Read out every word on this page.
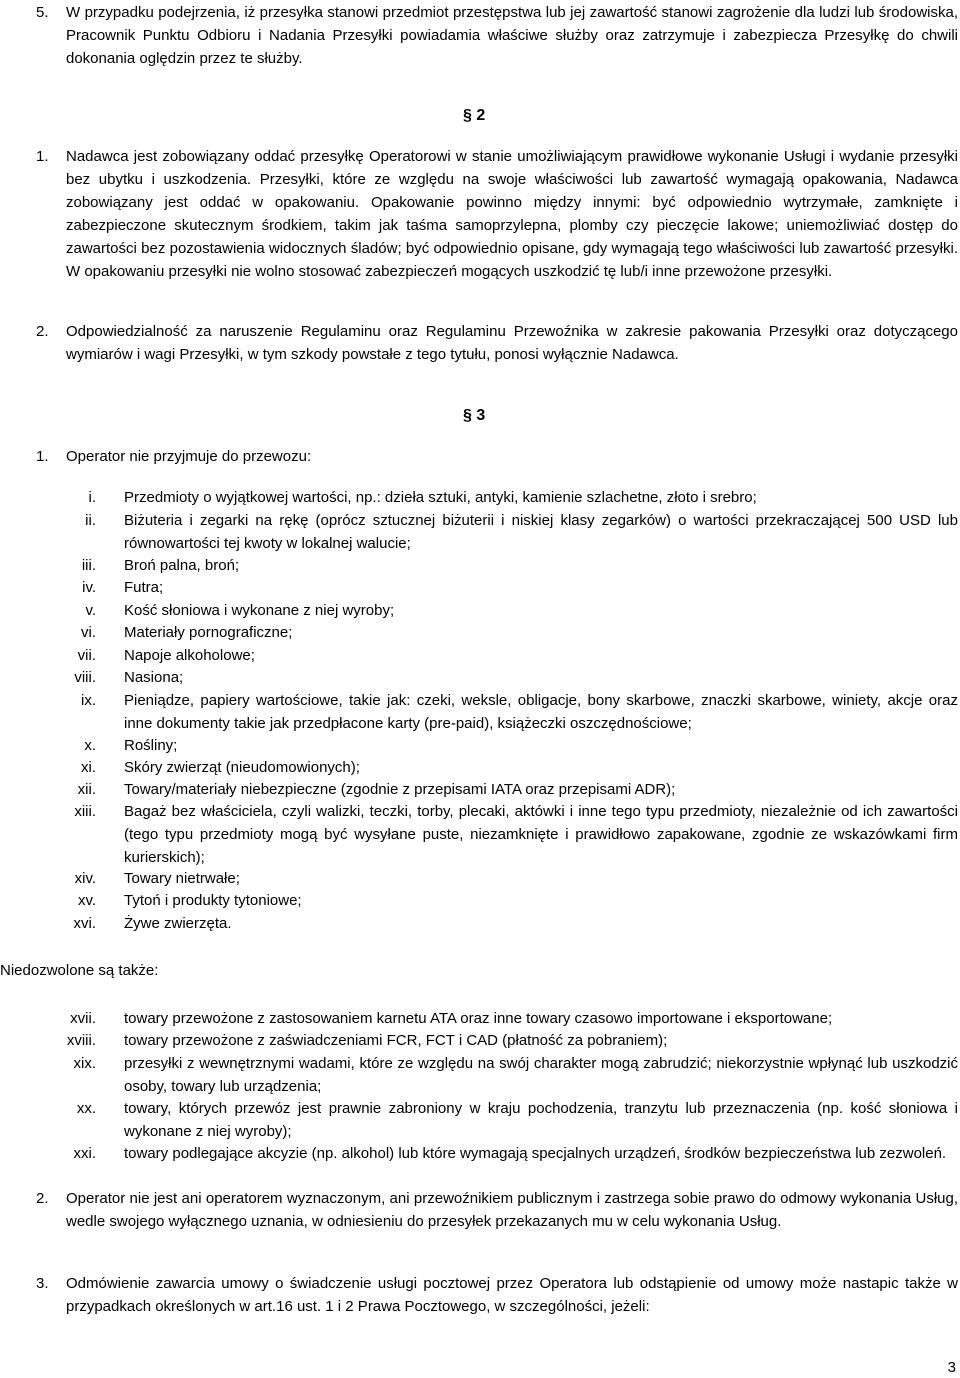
5.	W przypadku podejrzenia, iż przesyłka stanowi przedmiot przestępstwa lub jej zawartość stanowi zagrożenie dla ludzi lub środowiska, Pracownik Punktu Odbioru i Nadania Przesyłki powiadamia właściwe służby oraz zatrzymuje i zabezpiecza Przesyłkę do chwili dokonania oględzin przez te służby.
§ 2
1.	Nadawca jest zobowiązany oddać przesyłkę Operatorowi w stanie umożliwiającym prawidłowe wykonanie Usługi i wydanie przesyłki bez ubytku i uszkodzenia. Przesyłki, które ze względu na swoje właściwości lub zawartość wymagają opakowania, Nadawca zobowiązany jest oddać w opakowaniu. Opakowanie powinno między innymi: być odpowiednio wytrzymałe, zamknięte i zabezpieczone skutecznym środkiem, takim jak taśma samoprzylepna, plomby czy pieczęcie lakowe; uniemożliwiać dostęp do zawartości bez pozostawienia widocznych śladów; być odpowiednio opisane, gdy wymagają tego właściwości lub zawartość przesyłki. W opakowaniu przesyłki nie wolno stosować zabezpieczeń mogących uszkodzić tę lub/i inne przewożone przesyłki.
2.	Odpowiedzialność za naruszenie Regulaminu oraz Regulaminu Przewoźnika w zakresie pakowania Przesyłki oraz dotyczącego wymiarów i wagi Przesyłki, w tym szkody powstałe z tego tytułu, ponosi wyłącznie Nadawca.
§ 3
1.	Operator nie przyjmuje do przewozu:
i. Przedmioty o wyjątkowej wartości, np.: dzieła sztuki, antyki, kamienie szlachetne, złoto i srebro;
ii. Biżuteria i zegarki na rękę (oprócz sztucznej biżuterii i niskiej klasy zegarków) o wartości przekraczającej 500 USD lub równowartości tej kwoty w lokalnej walucie;
iii. Broń palna, broń;
iv. Futra;
v. Kość słoniowa i wykonane z niej wyroby;
vi. Materiały pornograficzne;
vii. Napoje alkoholowe;
viii. Nasiona;
ix. Pieniądze, papiery wartościowe, takie jak: czeki, weksle, obligacje, bony skarbowe, znaczki skarbowe, winiety, akcje oraz inne dokumenty takie jak przedpłacone karty (pre-paid), książeczki oszczędnościowe;
x. Rośliny;
xi. Skóry zwierząt (nieudomowionych);
xii. Towary/materiały niebezpieczne (zgodnie z przepisami IATA oraz przepisami ADR);
xiii. Bagaż bez właściciela, czyli walizki, teczki, torby, plecaki, aktówki i inne tego typu przedmioty, niezależnie od ich zawartości (tego typu przedmioty mogą być wysyłane puste, niezamknięte i prawidłowo zapakowane, zgodnie ze wskazówkami firm kurierskich);
xiv. Towary nietrwałe;
xv. Tytoń i produkty tytoniowe;
xvi. Żywe zwierzęta.
Niedozwolone są także:
xvii. towary przewożone z zastosowaniem karnetu ATA oraz inne towary czasowo importowane i eksportowane;
xviii. towary przewożone z zaświadczeniami FCR, FCT i CAD (płatność za pobraniem);
xix. przesyłki z wewnętrznymi wadami, które ze względu na swój charakter mogą zabrudzić; niekorzystnie wpłynąć lub uszkodzić osoby, towary lub urządzenia;
xx. towary, których przewóz jest prawnie zabroniony w kraju pochodzenia, tranzytu lub przeznaczenia (np. kość słoniowa i wykonane z niej wyroby);
xxi. towary podlegające akcyzie (np. alkohol) lub które wymagają specjalnych urządzeń, środków bezpieczeństwa lub zezwoleń.
2.	Operator nie jest ani operatorem wyznaczonym, ani przewoźnikiem publicznym i zastrzega sobie prawo do odmowy wykonania Usług, wedle swojego wyłącznego uznania, w odniesieniu do przesyłek przekazanych mu w celu wykonania Usług.
3.	Odmówienie zawarcia umowy o świadczenie usługi pocztowej przez Operatora lub odstąpienie od umowy może nastapic także w przypadkach określonych w art.16 ust. 1 i 2 Prawa Pocztowego, w szczególności, jeżeli:
3
